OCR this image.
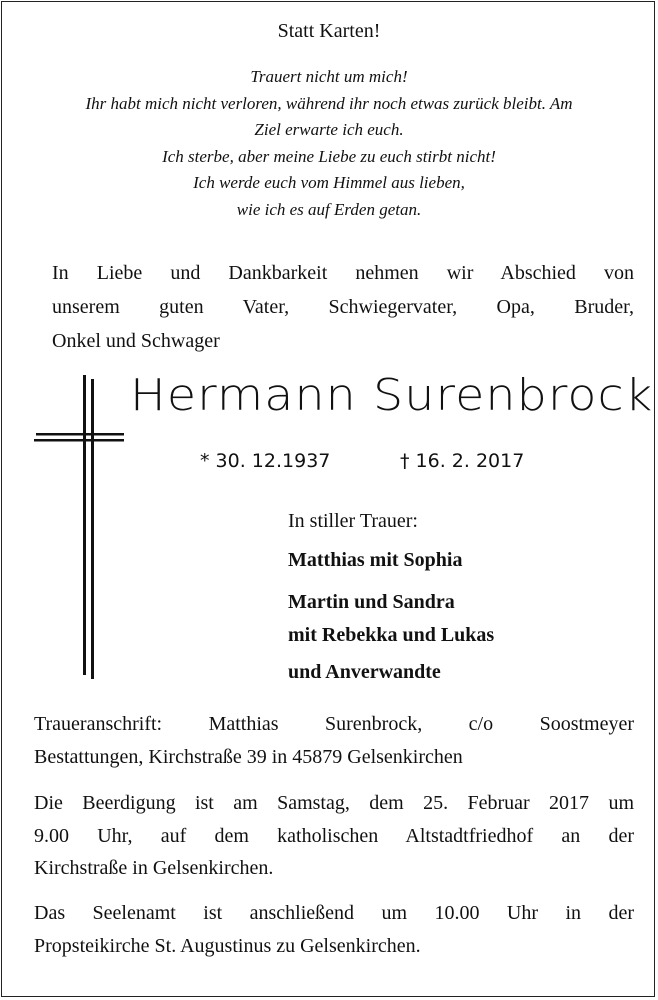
Statt Karten!
Trauert nicht um mich!
Ihr habt mich nicht verloren, während ihr noch etwas zurück bleibt. Am
Ziel erwarte ich euch.
Ich sterbe, aber meine Liebe zu euch stirbt nicht!
Ich werde euch vom Himmel aus lieben,
wie ich es auf Erden getan.
In Liebe und Dankbarkeit nehmen wir Abschied von
unserem guten Vater, Schwiegervater, Opa, Bruder,
Onkel und Schwager
Hermann Surenbrock
* 30. 12.1937	† 16. 2. 2017
In stiller Trauer:
Matthias mit Sophia
Martin und Sandra
mit Rebekka und Lukas
und Anverwandte
Traueranschrift: Matthias Surenbrock, c/o Soostmeyer
Bestattungen, Kirchstraße 39 in 45879 Gelsenkirchen
Die Beerdigung ist am Samstag, dem 25. Februar 2017 um
9.00 Uhr, auf dem katholischen Altstadtfriedhof an der
Kirchstraße in Gelsenkirchen.
Das Seelenamt ist anschließend um 10.00 Uhr in der
Propsteikirche St. Augustinus zu Gelsenkirchen.
